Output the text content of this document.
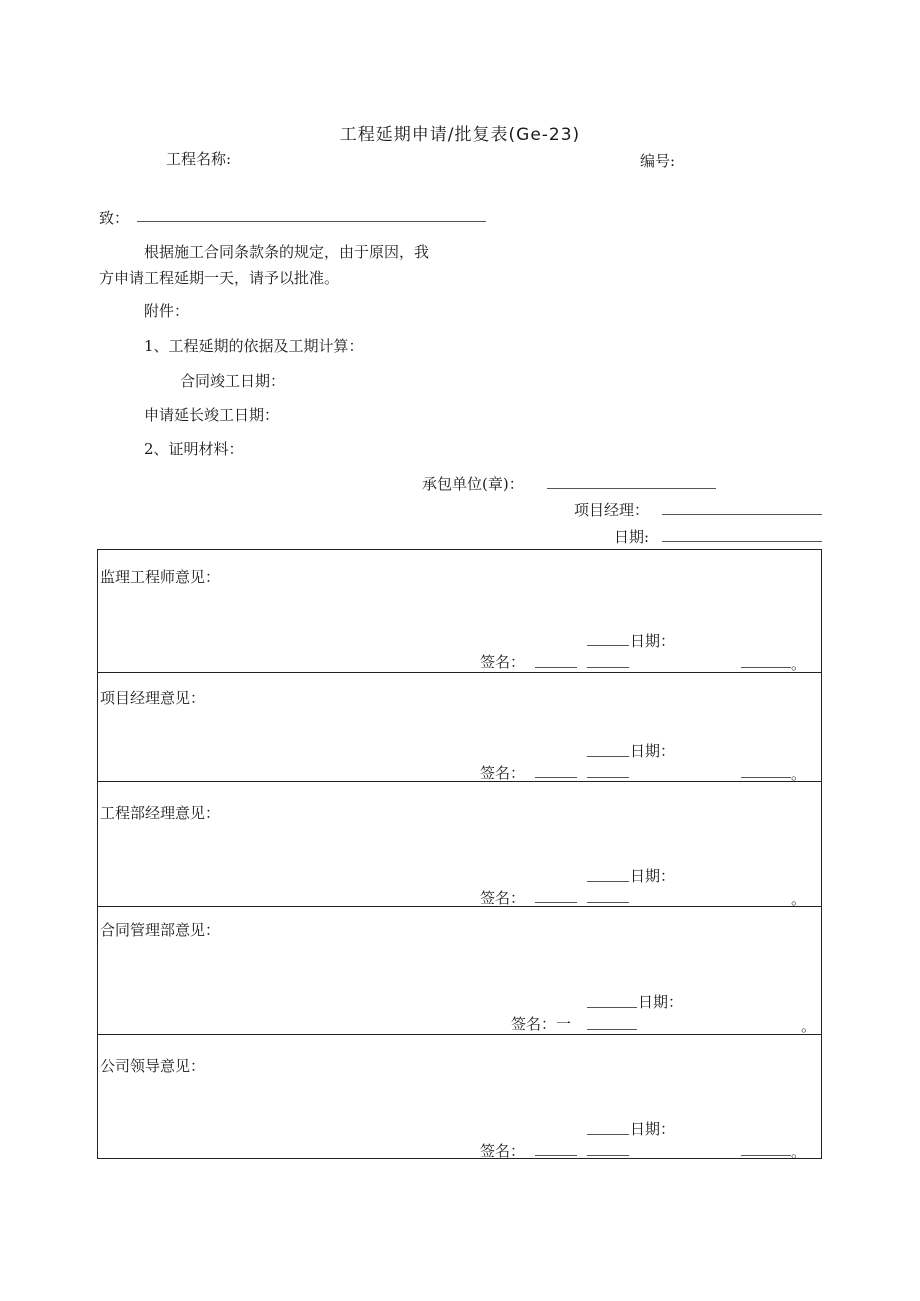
工程延期申请/批复表(Ge-23)
工程名称:	编号:
致：
根据施工合同条款条的规定，由于原因，我
方申请工程延期一天，请予以批准。
附件：
1、工程延期的依据及工期计算：
合同竣工日期：
申请延长竣工日期：
2、证明材料：
承包单位(章)：
项目经理：
日期:
监理工程师意见：
日期：
签名：	。
项目经理意见：
日期：
签名：	。
工程部经理意见：
日期：
签名：	。
合同管理部意见：
日期：
签名：一	。
公司领导意见：
日期：
签名：	。
